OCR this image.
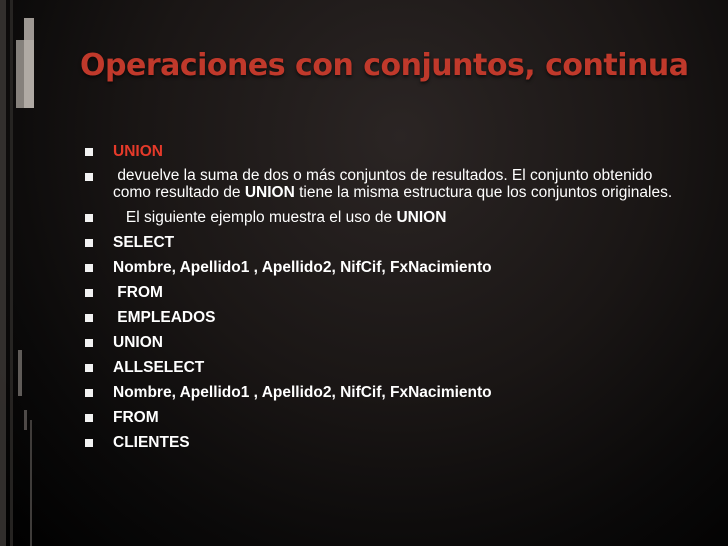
Operaciones con conjuntos, continua
UNION
devuelve la suma de dos o más conjuntos de resultados. El conjunto obtenido como resultado de UNION tiene la misma estructura que los conjuntos originales.
El siguiente ejemplo muestra el uso de UNION
SELECT
Nombre, Apellido1 , Apellido2, NifCif, FxNacimiento
FROM
EMPLEADOS
UNION
ALLSELECT
Nombre, Apellido1 , Apellido2, NifCif, FxNacimiento
FROM
CLIENTES
